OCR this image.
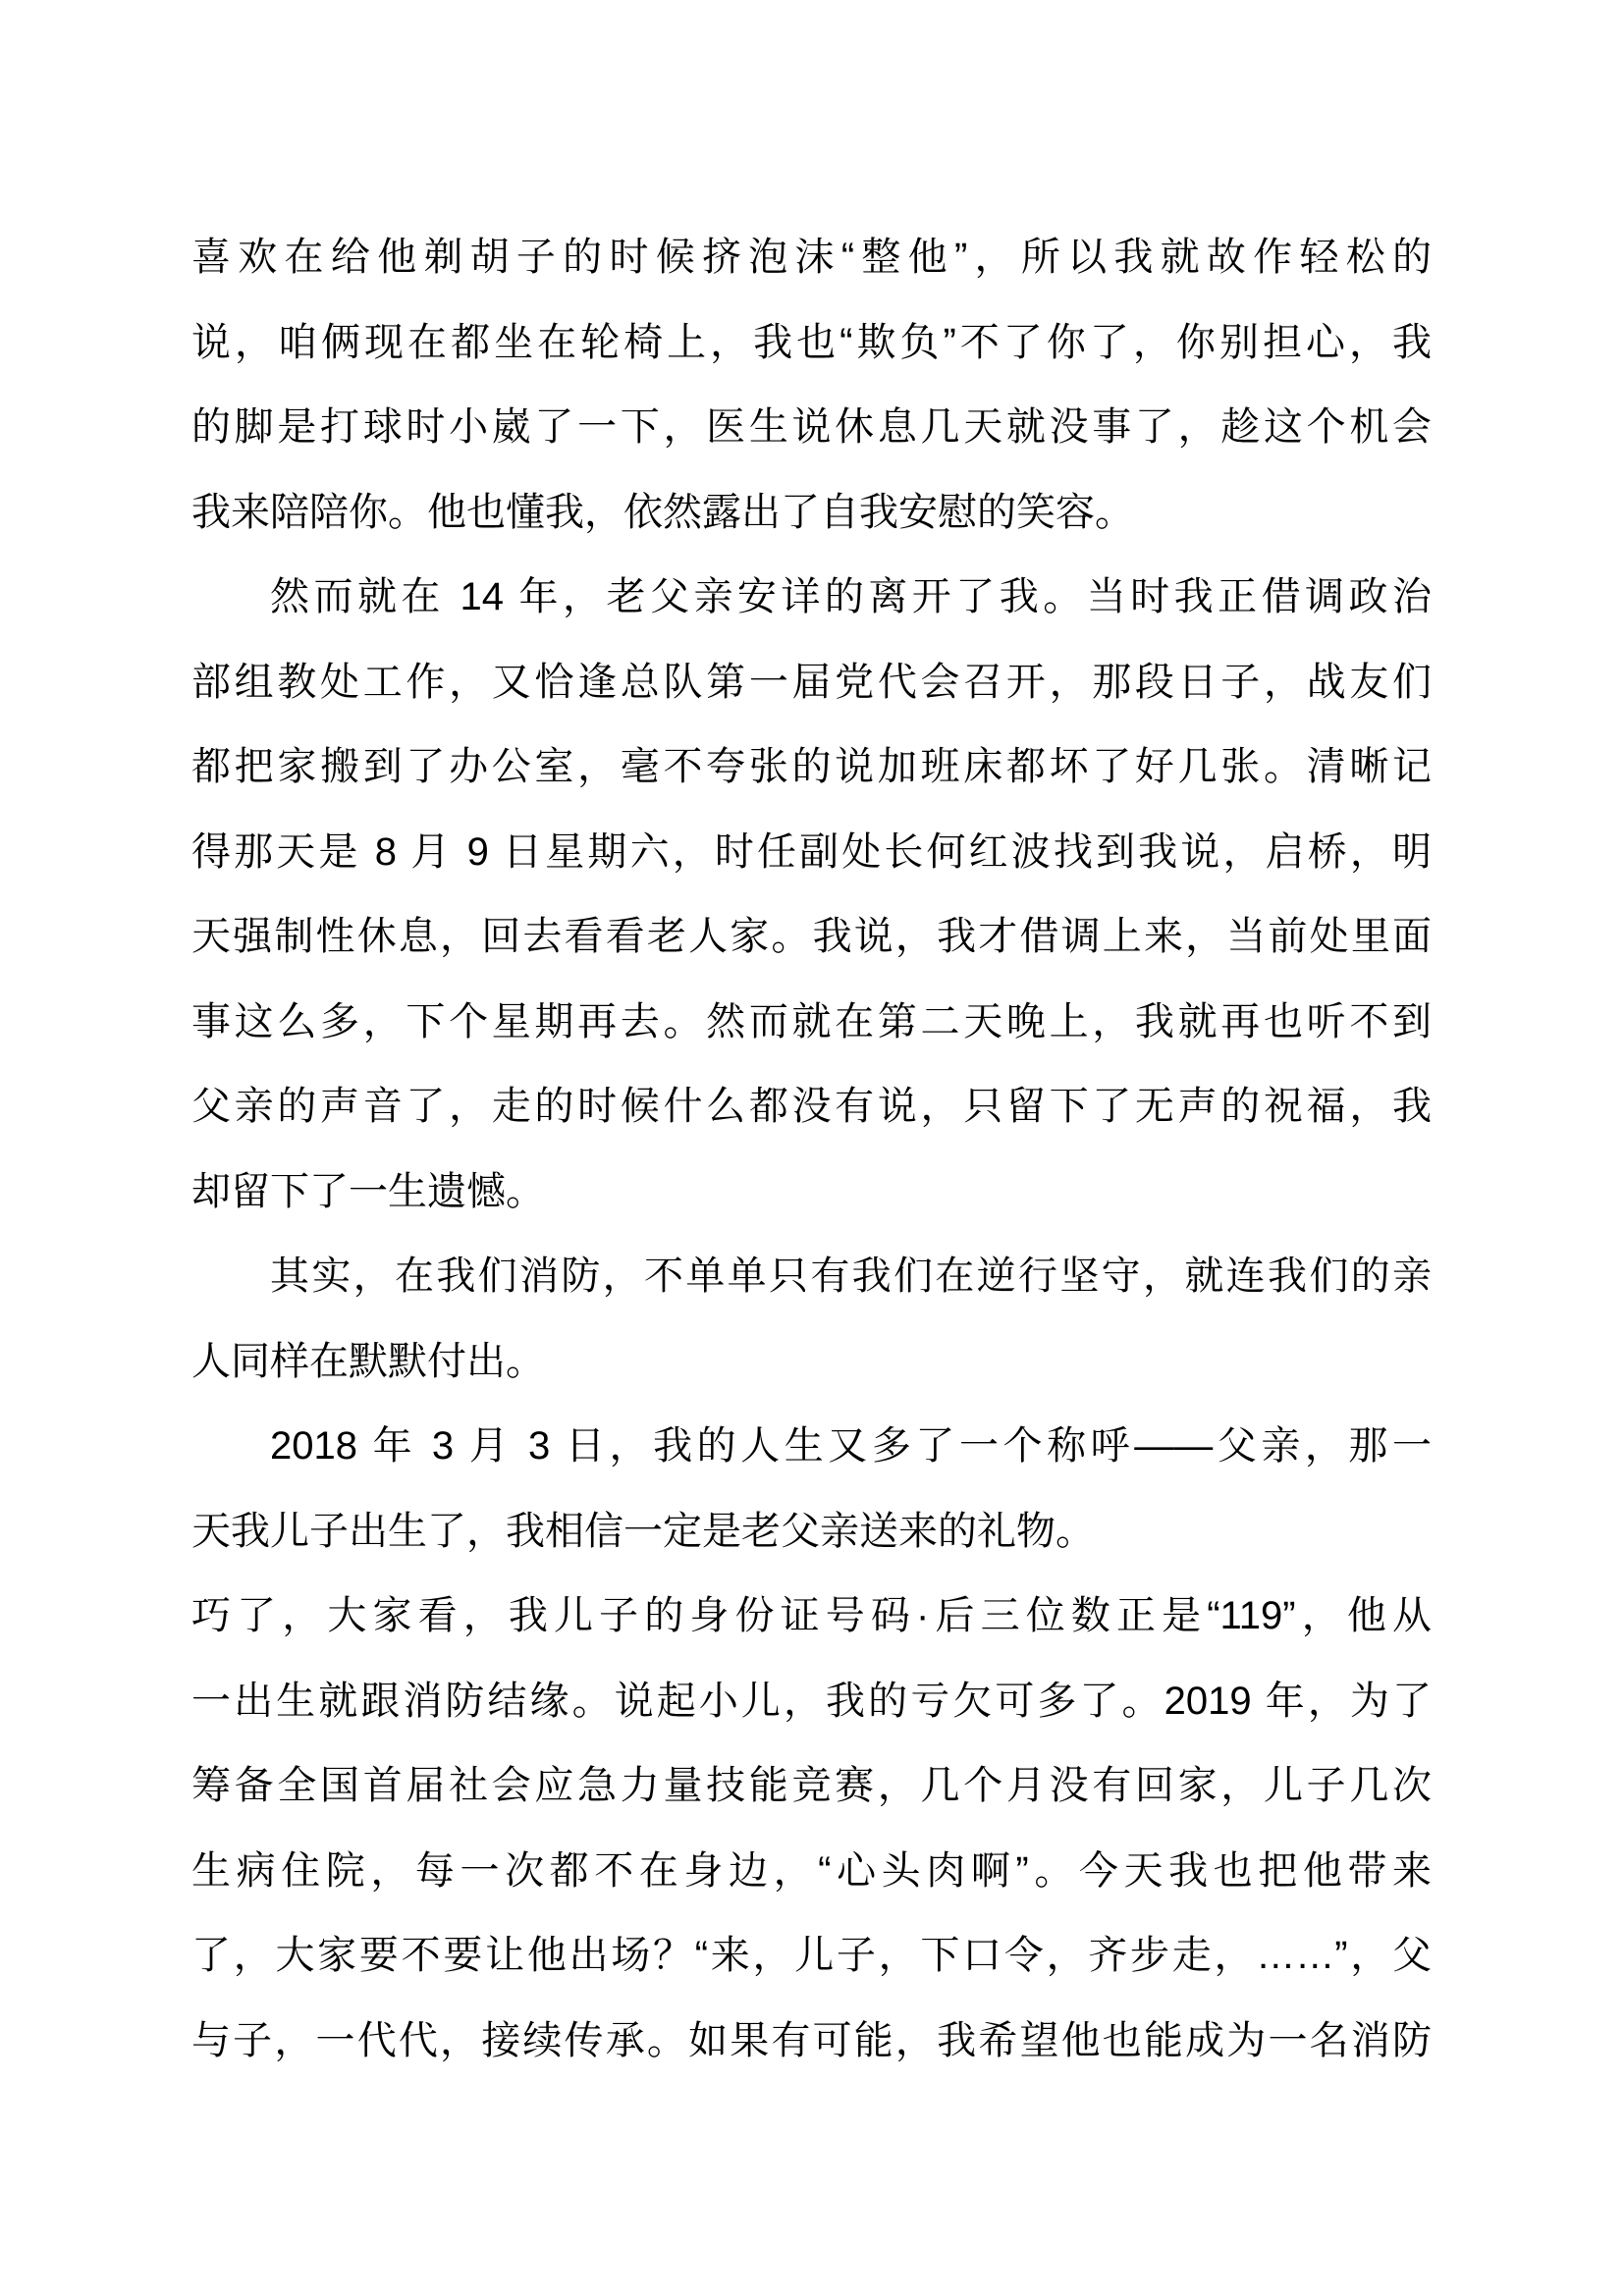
喜欢在给他剃胡子的时候挤泡沫“整他”，所以我就故作轻松的
说，咱俩现在都坐在轮椅上，我也“欺负”不了你了，你别担心，我
的脚是打球时小崴了一下，医生说休息几天就没事了，趁这个机会
我来陪陪你。他也懂我，依然露出了自我安慰的笑容。
然而就在 14 年，老父亲安详的离开了我。当时我正借调政治
部组教处工作，又恰逢总队第一届党代会召开，那段日子，战友们
都把家搬到了办公室，毫不夸张的说加班床都坏了好几张。清晰记
得那天是 8 月 9 日星期六，时任副处长何红波找到我说，启桥，明
天强制性休息，回去看看老人家。我说，我才借调上来，当前处里面
事这么多，下个星期再去。然而就在第二天晚上，我就再也听不到
父亲的声音了，走的时候什么都没有说，只留下了无声的祝福，我
却留下了一生遗憾。
其实，在我们消防，不单单只有我们在逆行坚守，就连我们的亲
人同样在默默付出。
2018 年 3 月 3 日，我的人生又多了一个称呼——父亲，那一
天我儿子出生了，我相信一定是老父亲送来的礼物。
巧了，大家看，我儿子的身份证号码·后三位数正是“119”，他从
一出生就跟消防结缘。说起小儿，我的亏欠可多了。2019 年，为了
筹备全国首届社会应急力量技能竞赛，几个月没有回家，儿子几次
生病住院，每一次都不在身边，“心头肉啊”。今天我也把他带来
了，大家要不要让他出场？“来，儿子，下口令，齐步走，……”，父
与子，一代代，接续传承。如果有可能，我希望他也能成为一名消防
